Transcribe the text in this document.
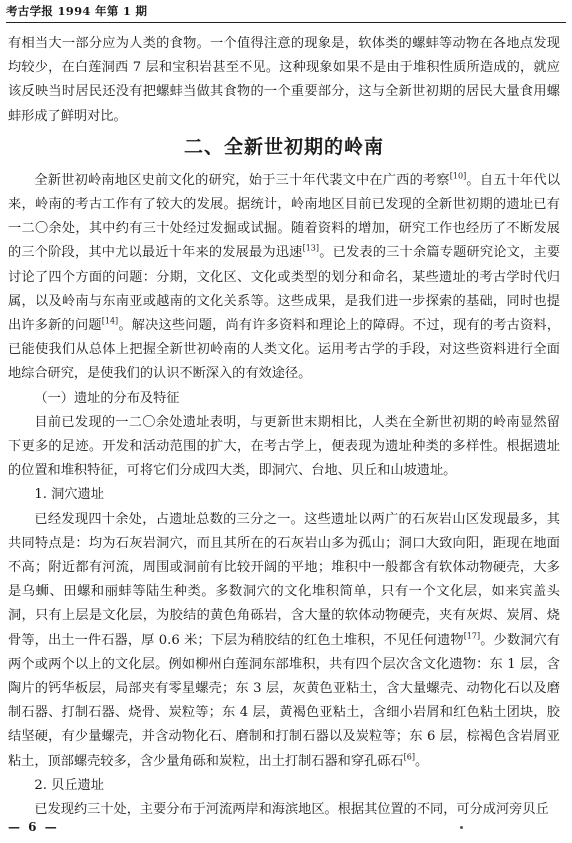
考古学报 1994 年第 1 期

有相当大一部分应为人类的食物。一个值得注意的现象是，软体类的螺蚌等动物在各地点发现均较少，在白莲洞西 7 层和宝积岩甚至不见。这种现象如果不是由于堆积性质所造成的，就应该反映当时居民还没有把螺蚌当做其食物的一个重要部分，这与全新世初期的居民大量食用螺蚌形成了鲜明对比。

二、全新世初期的岭南

全新世初岭南地区史前文化的研究，始于三十年代裴文中在广西的考察[10]。自五十年代以来，岭南的考古工作有了较大的发展。据统计，岭南地区目前已发现的全新世初期的遗址已有一二〇余处，其中约有三十处经过发掘或试掘。随着资料的增加，研究工作也经历了不断发展的三个阶段，其中尤以最近十年来的发展最为迅速[13]。已发表的三十余篇专题研究论文，主要讨论了四个方面的问题：分期，文化区、文化或类型的划分和命名，某些遗址的考古学时代归属，以及岭南与东南亚或越南的文化关系等。这些成果，是我们进一步探索的基础，同时也提出许多新的问题[14]。解决这些问题，尚有许多资料和理论上的障碍。不过，现有的考古资料，已能使我们从总体上把握全新世初岭南的人类文化。运用考古学的手段，对这些资料进行全面地综合研究，是使我们的认识不断深入的有效途径。

（一）遗址的分布及特征

目前已发现的一二〇余处遗址表明，与更新世末期相比，人类在全新世初期的岭南显然留下更多的足迹。开发和活动范围的扩大，在考古学上，便表现为遗址种类的多样性。根据遗址的位置和堆积特征，可将它们分成四大类，即洞穴、台地、贝丘和山坡遗址。

1. 洞穴遗址

已经发现四十余处，占遗址总数的三分之一。这些遗址以两广的石灰岩山区发现最多，其共同特点是：均为石灰岩洞穴，而且其所在的石灰岩山多为孤山；洞口大致向阳，距现在地面不高；附近都有河流，周围或洞前有比较开阔的平地；堆积中一般都含有软体动物硬壳，大多是乌蛳、田螺和丽蚌等陆生种类。多数洞穴的文化堆积简单，只有一个文化层，如来宾盖头洞，只有上层是文化层，为胶结的黄色角砾岩，含大量的软体动物硬壳，夹有灰烬、炭屑、烧骨等，出土一件石器，厚 0.6 米；下层为稍胶结的红色土堆积，不见任何遗物[17]。少数洞穴有两个或两个以上的文化层。例如柳州白莲洞东部堆积，共有四个层次含文化遗物：东 1 层，含陶片的钙华板层，局部夹有零星螺壳；东 3 层，灰黄色亚粘土，含大量螺壳、动物化石以及磨制石器、打制石器、烧骨、炭粒等；东 4 层，黄褐色亚粘土，含细小岩屑和红色粘土团块，胶结坚硬，有少量螺壳，并含动物化石、磨制和打制石器以及炭粒等；东 6 层，棕褐色含岩屑亚粘土，顶部螺壳较多，含少量角砾和炭粒，出土打制石器和穿孔砾石[6]。

2. 贝丘遗址

已发现约三十处，主要分布于河流两岸和海滨地区。根据其位置的不同，可分成河旁贝丘

— 6 —
